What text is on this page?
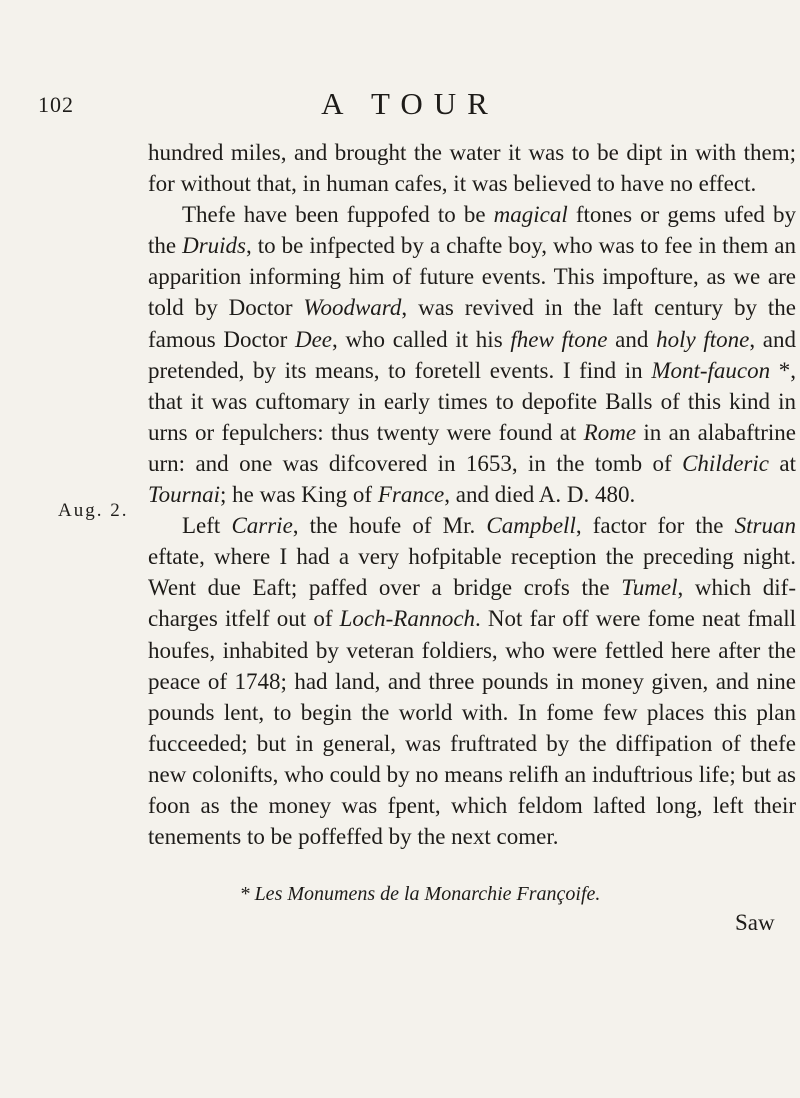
102	A TOUR
Aug. 2.

hundred miles, and brought the water it was to be dipt in with them; for without that, in human cafes, it was believed to have no effect.

Thefe have been fuppofed to be magical ftones or gems ufed by the Druids, to be infpected by a chafte boy, who was to fee in them an apparition informing him of future events. This impofture, as we are told by Doctor Woodward, was revived in the laft century by the famous Doctor Dee, who called it his fhew ftone and holy ftone, and pretended, by its means, to foretell events. I find in Mont-faucon *, that it was cuftomary in early times to depofite Balls of this kind in urns or fepulchers: thus twenty were found at Rome in an alabaftrine urn: and one was difcovered in 1653, in the tomb of Childeric at Tournai; he was King of France, and died A. D. 480.

Left Carrie, the houfe of Mr. Campbell, factor for the Struan eftate, where I had a very hofpitable reception the preceding night. Went due Eaft; paffed over a bridge crofs the Tumel, which dif-charges itfelf out of Loch-Rannoch. Not far off were fome neat fmall houfes, inhabited by veteran foldiers, who were fettled here after the peace of 1748; had land, and three pounds in money given, and nine pounds lent, to begin the world with. In fome few places this plan fucceeded; but in general, was fruftrated by the diffipation of thefe new colonifts, who could by no means relifh an induftrious life; but as foon as the money was fpent, which feldom lafted long, left their tenements to be poffeffed by the next comer.

* Les Monumens de la Monarchie Françoife.
Saw
